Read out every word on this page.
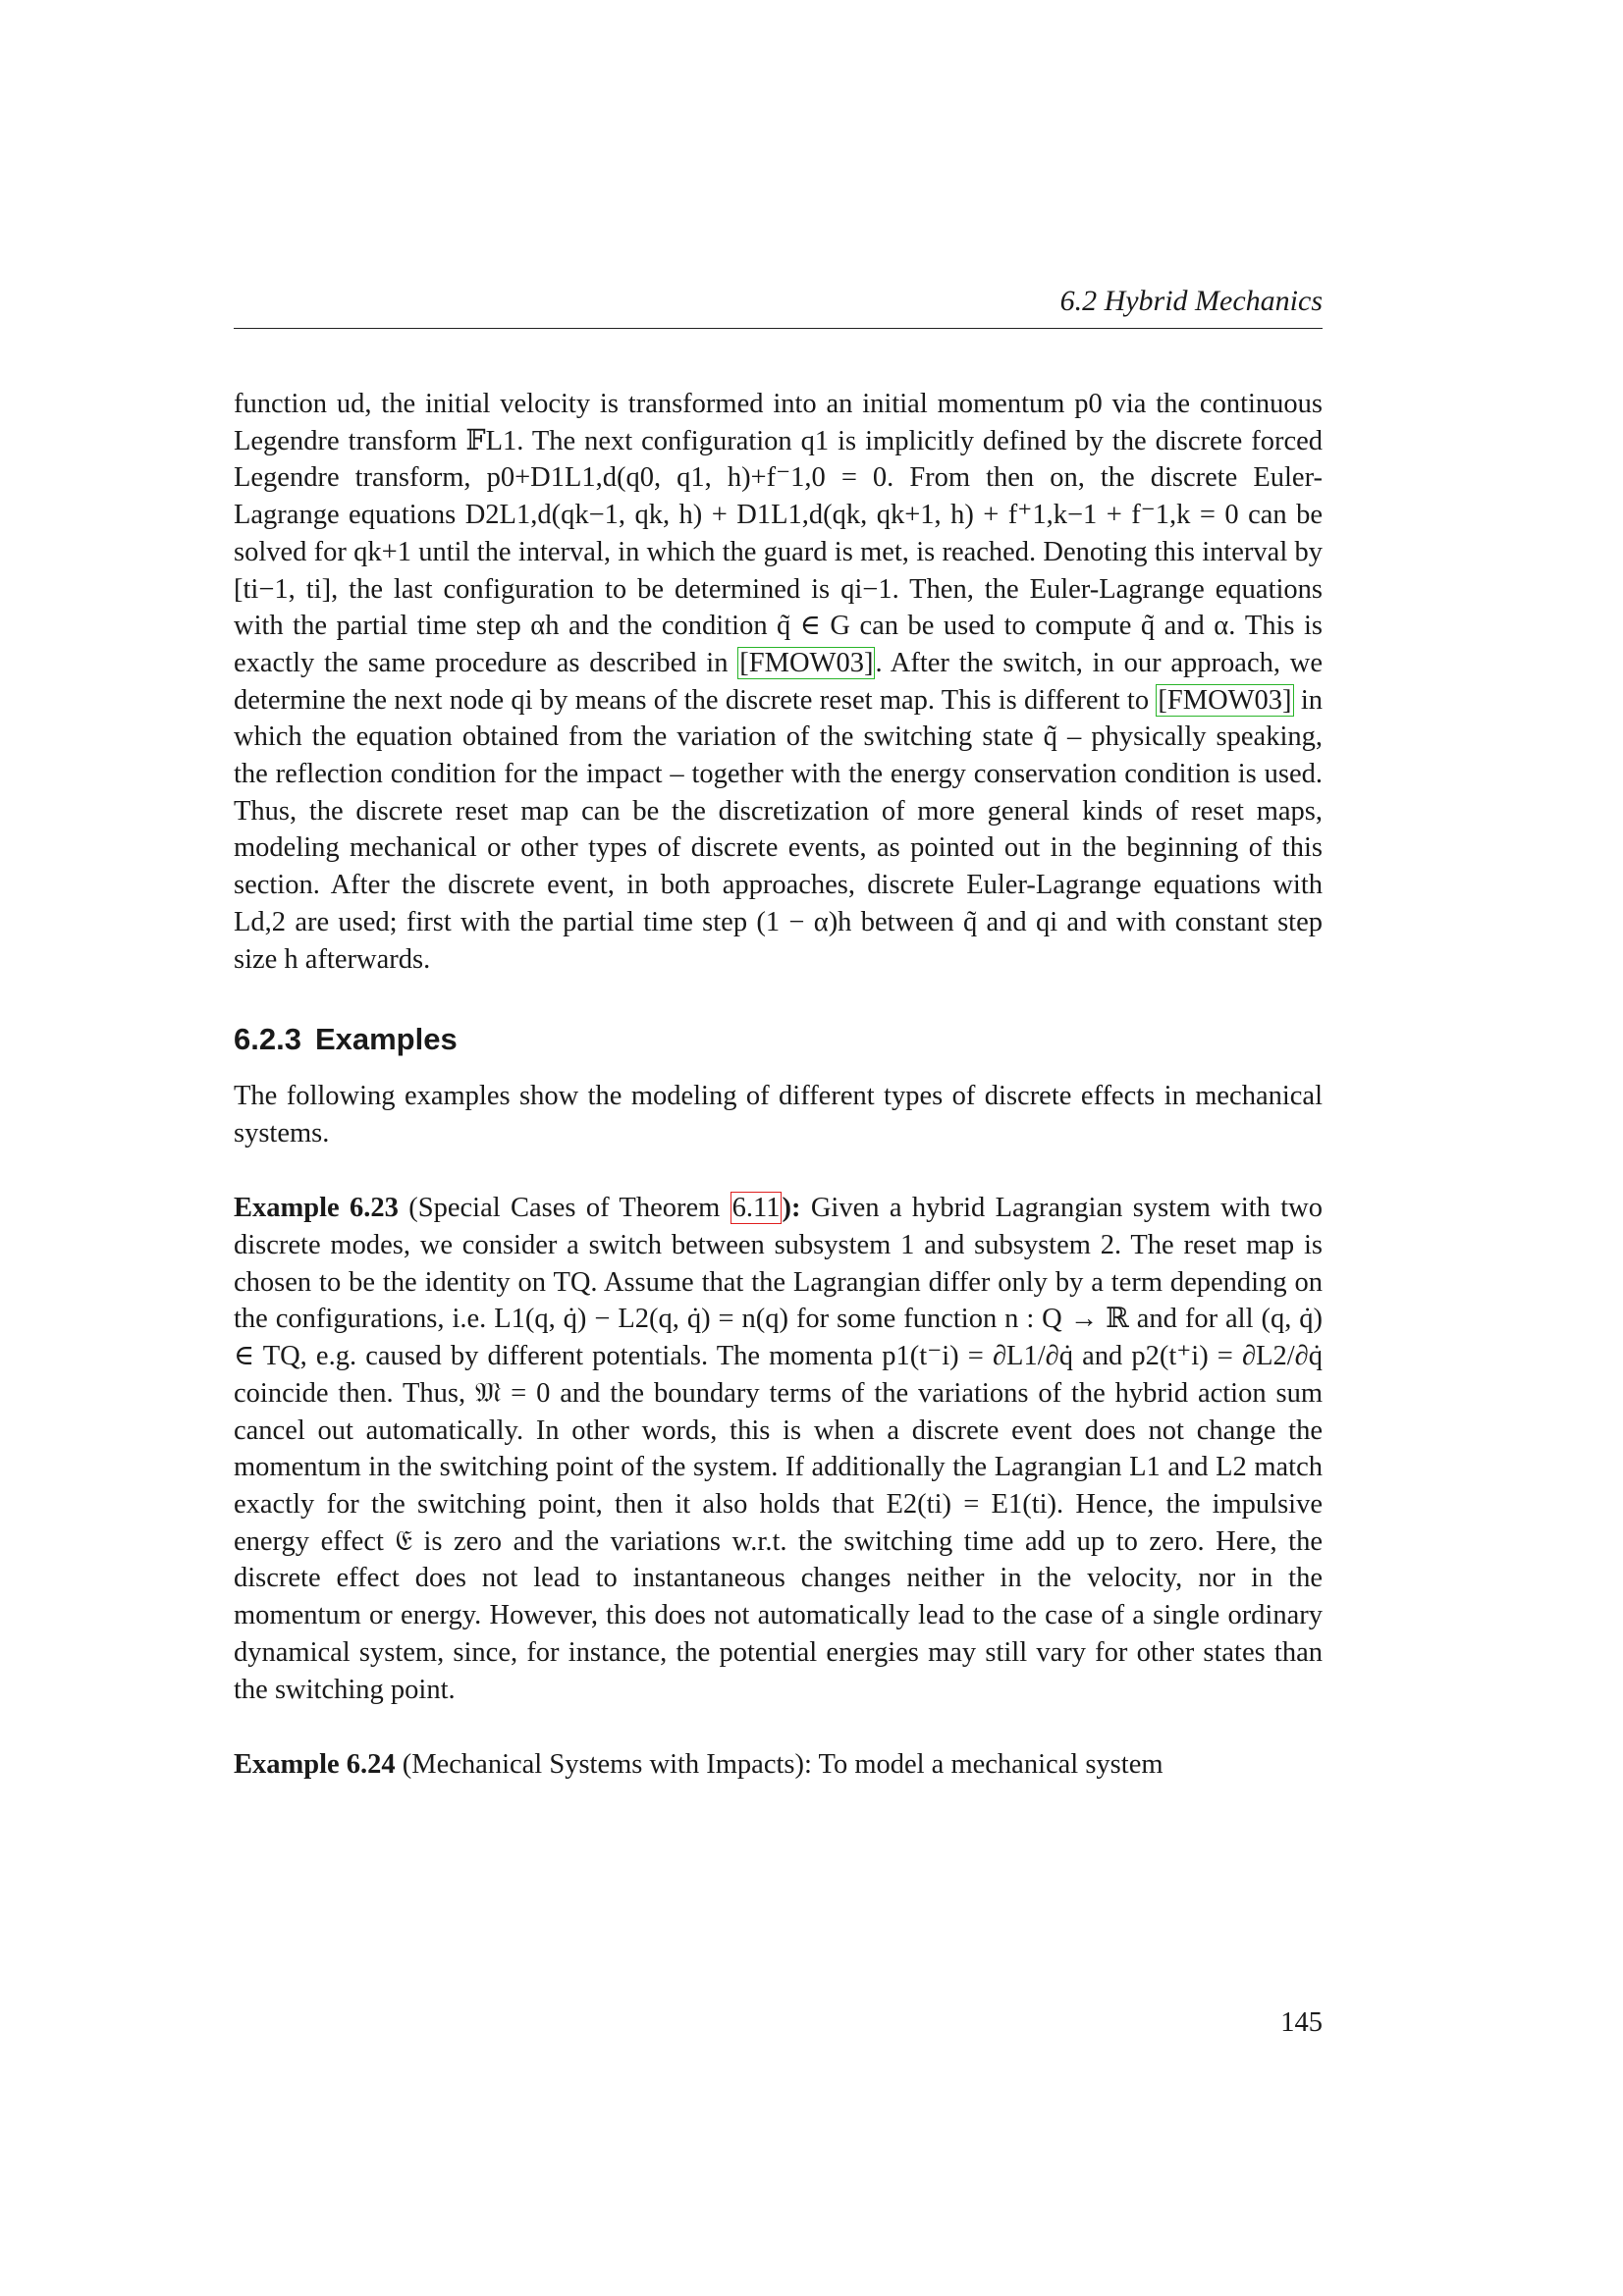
6.2 Hybrid Mechanics

function ud, the initial velocity is transformed into an initial momentum p0 via the continuous Legendre transform 𝔽L1. The next configuration q1 is implicitly defined by the discrete forced Legendre transform, p0+D1L1,d(q0, q1, h)+f⁻1,0 = 0. From then on, the discrete Euler-Lagrange equations D2L1,d(qk−1, qk, h) + D1L1,d(qk, qk+1, h) + f⁺1,k−1 + f⁻1,k = 0 can be solved for qk+1 until the interval, in which the guard is met, is reached. Denoting this interval by [ti−1, ti], the last configuration to be determined is qi−1. Then, the Euler-Lagrange equations with the partial time step αh and the condition q̃ ∈ G can be used to compute q̃ and α. This is exactly the same procedure as described in [FMOW03]. After the switch, in our approach, we determine the next node qi by means of the discrete reset map. This is different to [FMOW03] in which the equation obtained from the variation of the switching state q̃ – physically speaking, the reflection condition for the impact – together with the energy conservation condition is used. Thus, the discrete reset map can be the discretization of more general kinds of reset maps, modeling mechanical or other types of discrete events, as pointed out in the beginning of this section. After the discrete event, in both approaches, discrete Euler-Lagrange equations with Ld,2 are used; first with the partial time step (1 − α)h between q̃ and qi and with constant step size h afterwards.

6.2.3 Examples

The following examples show the modeling of different types of discrete effects in mechanical systems.

Example 6.23 (Special Cases of Theorem 6.11): Given a hybrid Lagrangian system with two discrete modes, we consider a switch between subsystem 1 and subsystem 2. The reset map is chosen to be the identity on TQ. Assume that the Lagrangian differ only by a term depending on the configurations, i.e. L1(q, q̇) − L2(q, q̇) = n(q) for some function n : Q → ℝ and for all (q, q̇) ∈ TQ, e.g. caused by different potentials. The momenta p1(t⁻i) = ∂L1/∂q̇ and p2(t⁺i) = ∂L2/∂q̇ coincide then. Thus, 𝔐 = 0 and the boundary terms of the variations of the hybrid action sum cancel out automatically. In other words, this is when a discrete event does not change the momentum in the switching point of the system. If additionally the Lagrangian L1 and L2 match exactly for the switching point, then it also holds that E2(ti) = E1(ti). Hence, the impulsive energy effect 𝔈 is zero and the variations w.r.t. the switching time add up to zero. Here, the discrete effect does not lead to instantaneous changes neither in the velocity, nor in the momentum or energy. However, this does not automatically lead to the case of a single ordinary dynamical system, since, for instance, the potential energies may still vary for other states than the switching point.

Example 6.24 (Mechanical Systems with Impacts): To model a mechanical system

145
